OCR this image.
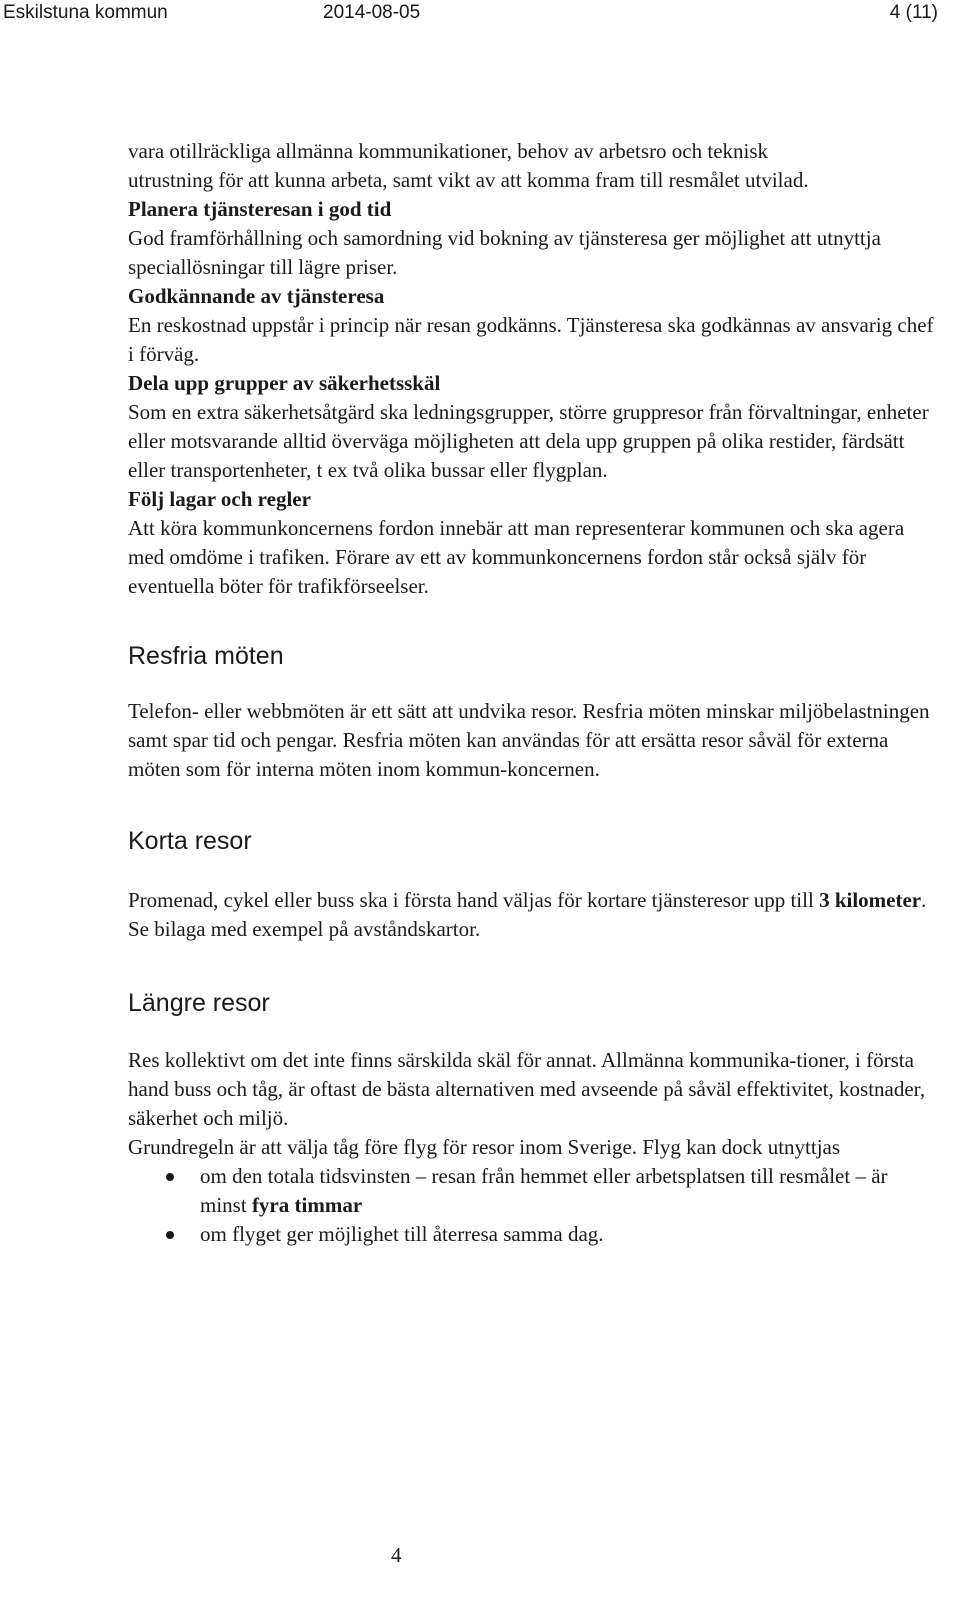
Eskilstuna kommun	2014-08-05	4 (11)

vara otillräckliga allmänna kommunikationer, behov av arbetsro och teknisk
utrustning för att kunna arbeta, samt vikt av att komma fram till resmålet utvilad.

Planera tjänsteresan i god tid
God framförhållning och samordning vid bokning av tjänsteresa ger möjlighet att utnyttja speciallösningar till lägre priser.

Godkännande av tjänsteresa
En reskostnad uppstår i princip när resan godkänns. Tjänsteresa ska godkännas av ansvarig chef i förväg.

Dela upp grupper av säkerhetsskäl
Som en extra säkerhetsåtgärd ska ledningsgrupper, större gruppresor från förvaltningar, enheter eller motsvarande alltid överväga möjligheten att dela upp gruppen på olika restider, färdsätt eller transportenheter, t ex två olika bussar eller flygplan.

Följ lagar och regler
Att köra kommunkoncernens fordon innebär att man representerar kommunen och ska agera med omdöme i trafiken. Förare av ett av kommunkoncernens fordon står också själv för eventuella böter för trafikförseelser.

Resfria möten

Telefon- eller webbmöten är ett sätt att undvika resor. Resfria möten minskar miljöbelastningen samt spar tid och pengar. Resfria möten kan användas för att ersätta resor såväl för externa möten som för interna möten inom kommun-koncernen.

Korta resor

Promenad, cykel eller buss ska i första hand väljas för kortare tjänsteresor upp till 3 kilometer. Se bilaga med exempel på avståndskartor.

Längre resor

Res kollektivt om det inte finns särskilda skäl för annat. Allmänna kommunika-tioner, i första hand buss och tåg, är oftast de bästa alternativen med avseende på såväl effektivitet, kostnader, säkerhet och miljö.

Grundregeln är att välja tåg före flyg för resor inom Sverige. Flyg kan dock utnyttjas

om den totala tidsvinsten – resan från hemmet eller arbetsplatsen till resmålet – är minst fyra timmar
om flyget ger möjlighet till återresa samma dag.
4
